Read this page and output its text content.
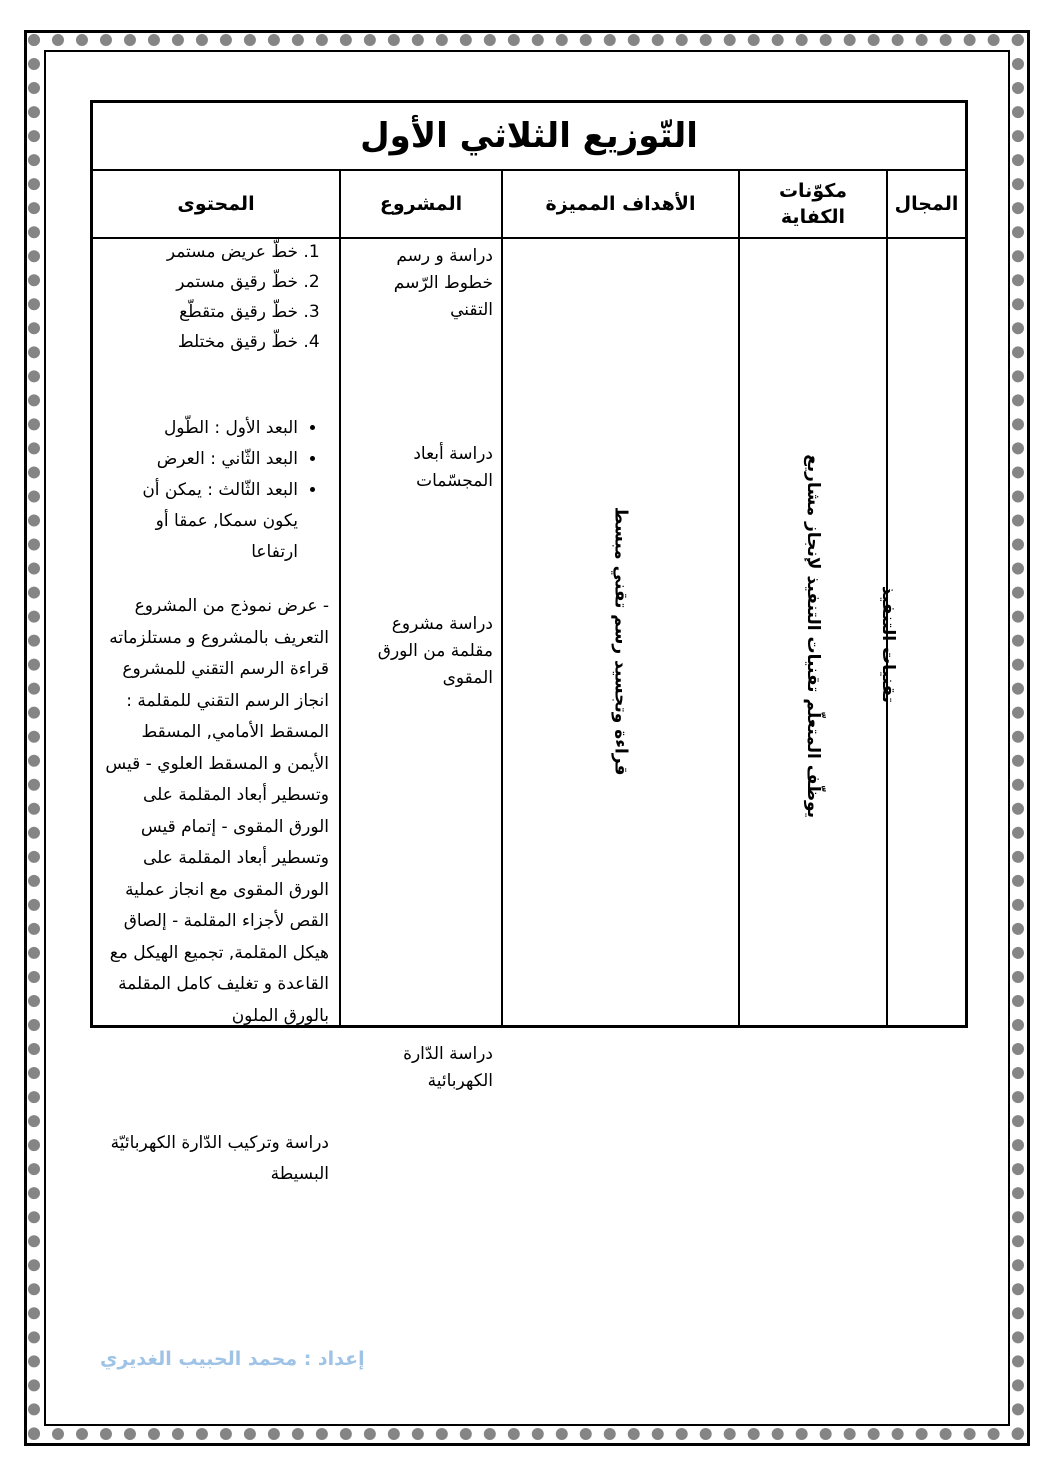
التّوزيع الثلاثي الأول
المجال
مكوّنات الكفاية
الأهداف المميزة
المشروع
المحتوى
تقنيات التنفيذ
يوظّف المتعلّم تقنيات التنفيذ لإنجاز مشاريع
قراءة وتجسيد رسم تقني مبسط
دراسة و رسم خطوط الرّسم التقني
دراسة أبعاد المجسّمات
دراسة مشروع مقلمة من الورق المقوى
دراسة الدّارة الكهربائية
1. خطّ عريض مستمر
2. خطّ رقيق مستمر
3. خطّ رقيق متقطّع
4. خطّ رقيق مختلط
• البعد الأول : الطّول
• البعد الثّاني : العرض
• البعد الثّالث : يمكن أن يكون سمكا, عمقا أو ارتفاعا
- عرض نموذج من المشروع التعريف بالمشروع و مستلزماته قراءة الرسم التقني للمشروع انجاز الرسم التقني للمقلمة : المسقط الأمامي, المسقط الأيمن و المسقط العلوي - قيس وتسطير أبعاد المقلمة على الورق المقوى - إتمام قيس وتسطير أبعاد المقلمة على الورق المقوى مع انجاز عملية القص لأجزاء المقلمة - إلصاق هيكل المقلمة, تجميع الهيكل مع القاعدة و تغليف كامل المقلمة بالورق الملون
دراسة وتركيب الدّارة الكهربائيّة البسيطة
إعداد : محمد الحبيب الغديري
